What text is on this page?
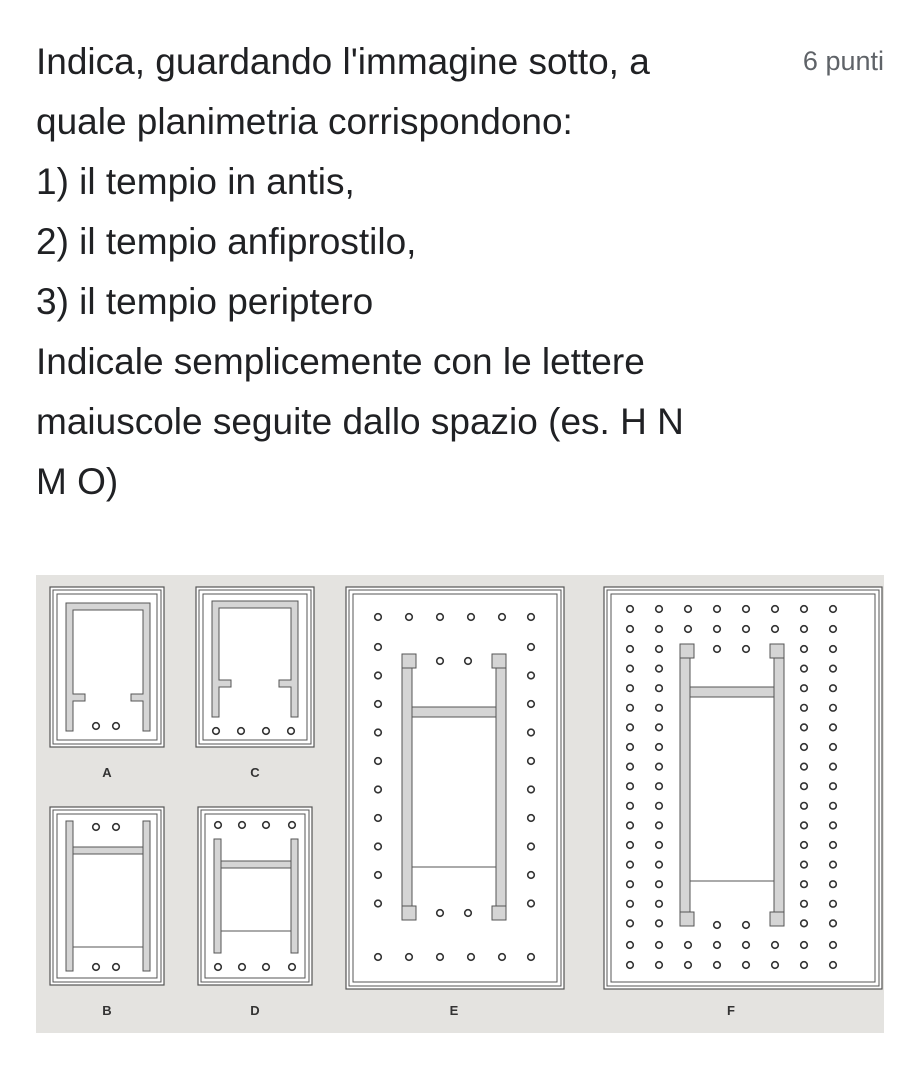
Indica, guardando l'immagine sotto, a
quale planimetria corrispondono:
1) il tempio in antis,
2) il tempio anfiprostilo,
3) il tempio periptero
Indicale semplicemente con le lettere
maiuscole seguite dallo spazio (es. H N
M O)
6 punti
A	C
B	D	E	F
